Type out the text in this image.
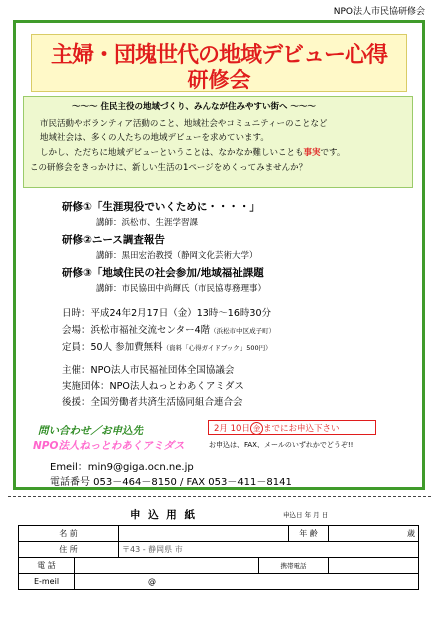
NPO法人市民協研修会
主婦・団塊世代の地域デビュー心得
研修会
～～～ 住民主役の地域づくり、みんなが住みやすい街へ ～～～
市民活動やボランティア活動のこと、地域社会やコミュニティーのことなど
地域社会は、多くの人たちの地域デビューを求めています。
しかし、ただちに地域デビューということは、なかなか難しいことも事実です。
この研修会をきっかけに、新しい生活の1ページをめくってみませんか？
研修①「生涯現役でいくために・・・・」
講師：浜松市、生涯学習課
研修②ニース調査報告
講師：黒田宏治教授（静岡文化芸術大学）
研修③「地域住民の社会参加/地域福祉課題
講師：市民協田中尚輝氏（市民協専務理事）
日時：平成24年2月17日（金）13時～16時30分
会場：浜松市福祉交流センター4階（浜松市中区成子町）
定員：50人 参加費無料（資料「心得ガイドブック」500円）
主催：NPO法人市民福祉団体全国協議会
実施団体：NPO法人ねっとわあくアミダス
後援：全国労働者共済生活協同組合連合会
問い合わせ／お申込先
NPO法人ねっとわあくアミダス
Emeil：min9@giga.ocn.ne.jp
電話番号 053－464－8150 / FAX 053－411－8141
2月 10日 金 までにお申込下さい
お申込は、FAX、メールのいずれかでどうぞ!!
申 込 用 紙	申込日 年 月 日
名 前				年 齢	歳
住 所		〒43 - 静岡県 市			
電 話			携帯電話		
E-meil	@				
